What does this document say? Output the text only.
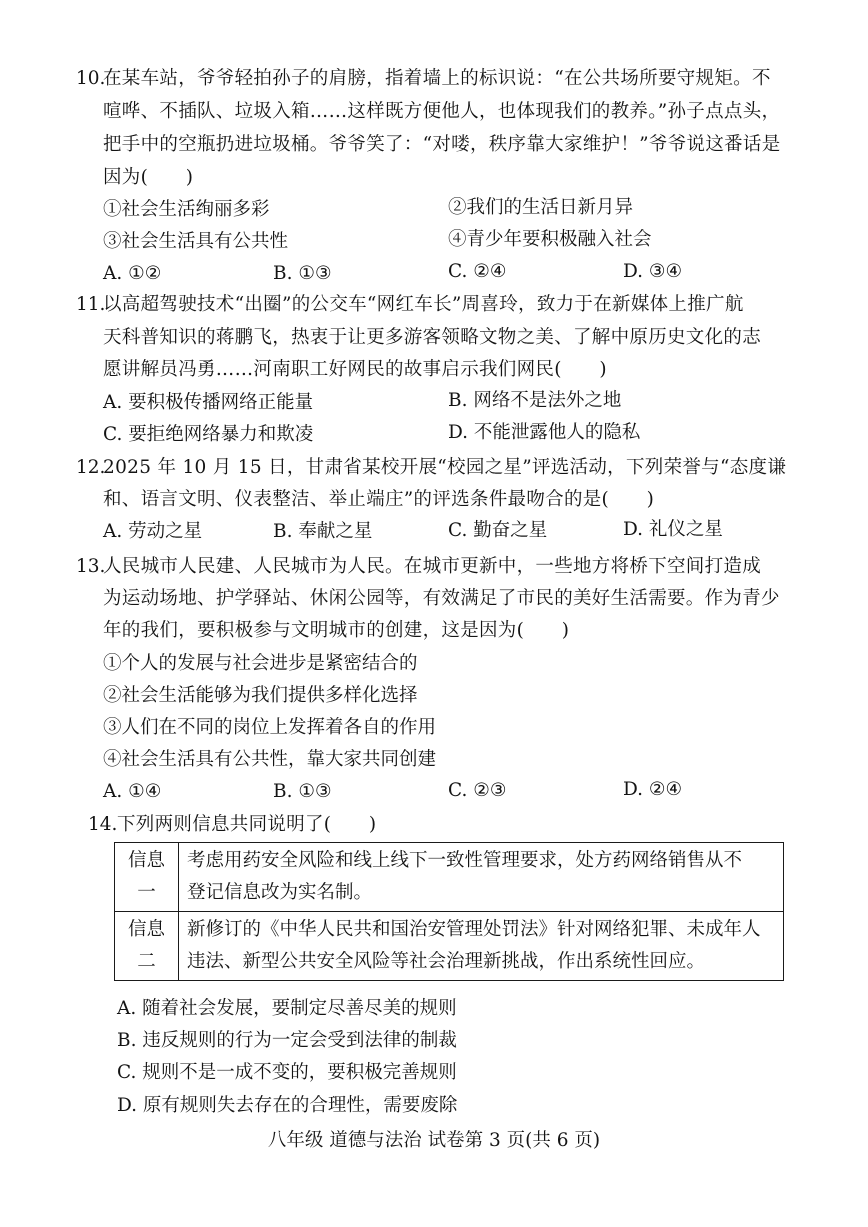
10.
在某车站，爷爷轻拍孙子的肩膀，指着墙上的标识说：“在公共场所要守规矩。不
喧哗、不插队、垃圾入箱……这样既方便他人，也体现我们的教养。”孙子点点头，
把手中的空瓶扔进垃圾桶。爷爷笑了：“对喽，秩序靠大家维护！”爷爷说这番话是
因为(　　)
①社会生活绚丽多彩	②我们的生活日新月异
③社会生活具有公共性	④青少年要积极融入社会
A. ①②	B. ①③	C. ②④	D. ③④
11.
以高超驾驶技术“出圈”的公交车“网红车长”周喜玲，致力于在新媒体上推广航
天科普知识的蒋鹏飞，热衷于让更多游客领略文物之美、了解中原历史文化的志
愿讲解员冯勇……河南职工好网民的故事启示我们网民(　　)
A. 要积极传播网络正能量	B. 网络不是法外之地
C. 要拒绝网络暴力和欺凌	D. 不能泄露他人的隐私
12.
2025 年 10 月 15 日，甘肃省某校开展“校园之星”评选活动，下列荣誉与“态度谦
和、语言文明、仪表整洁、举止端庄”的评选条件最吻合的是(　　)
A. 劳动之星	B. 奉献之星	C. 勤奋之星	D. 礼仪之星
13.
人民城市人民建、人民城市为人民。在城市更新中，一些地方将桥下空间打造成
为运动场地、护学驿站、休闲公园等，有效满足了市民的美好生活需要。作为青少
年的我们，要积极参与文明城市的创建，这是因为(　　)
①个人的发展与社会进步是紧密结合的
②社会生活能够为我们提供多样化选择
③人们在不同的岗位上发挥着各自的作用
④社会生活具有公共性，靠大家共同创建
A. ①④	B. ①③	C. ②③	D. ②④
14. 下列两则信息共同说明了(　　)
信息一	考虑用药安全风险和线上线下一致性管理要求，处方药网络销售从不
登记信息改为实名制。

信息二	新修订的《中华人民共和国治安管理处罚法》针对网络犯罪、未成年人
违法、新型公共安全风险等社会治理新挑战，作出系统性回应。
A. 随着社会发展，要制定尽善尽美的规则
B. 违反规则的行为一定会受到法律的制裁
C. 规则不是一成不变的，要积极完善规则
D. 原有规则失去存在的合理性，需要废除
八年级 道德与法治 试卷第 3 页(共 6 页)
